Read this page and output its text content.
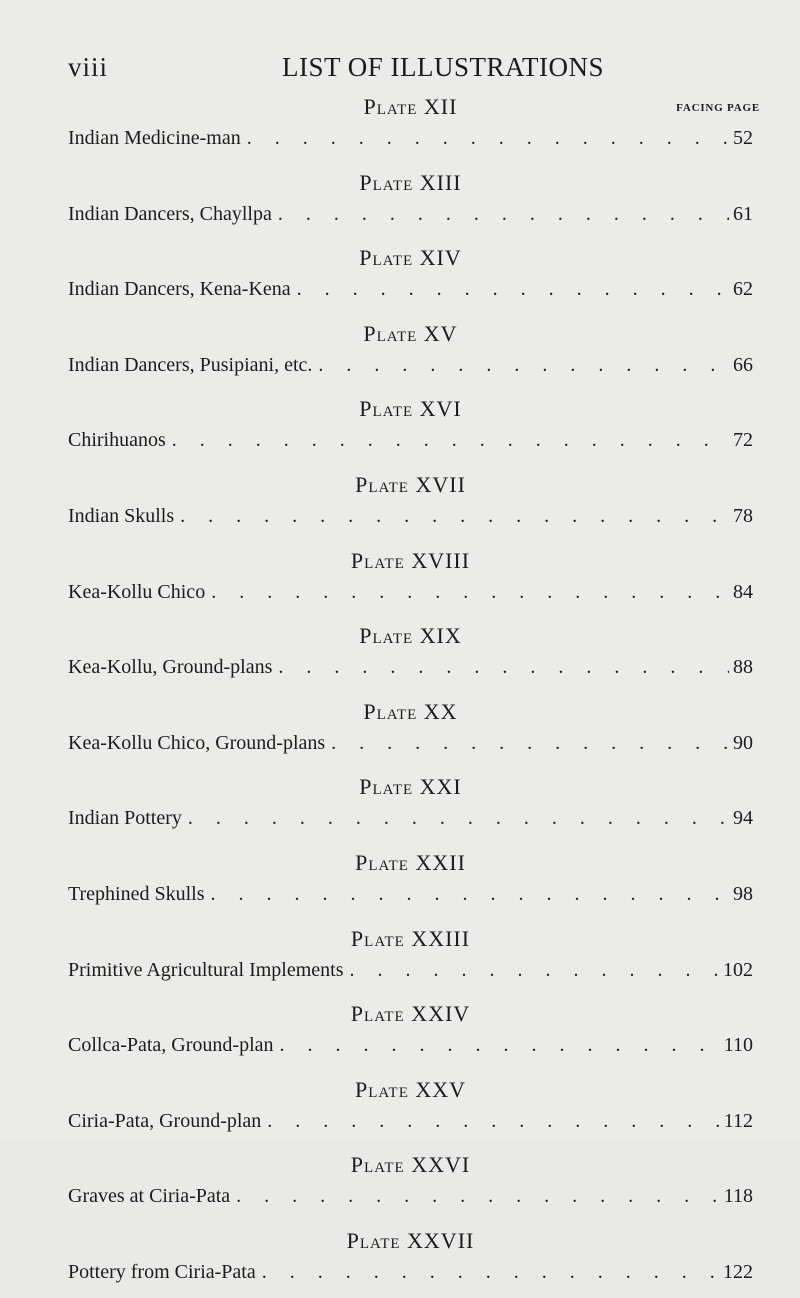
viii	LIST OF ILLUSTRATIONS
FACING PAGE
Plate XII
Indian Medicine-man . . .	52
Plate XIII
Indian Dancers, Chayllpa . . .	61
Plate XIV
Indian Dancers, Kena-Kena . . .	62
Plate XV
Indian Dancers, Pusipiani, etc. . . .	66
Plate XVI
Chirihuanos . . .	72
Plate XVII
Indian Skulls . . .	78
Plate XVIII
Kea-Kollu Chico . . .	84
Plate XIX
Kea-Kollu, Ground-plans . . .	88
Plate XX
Kea-Kollu Chico, Ground-plans . . .	90
Plate XXI
Indian Pottery . . .	94
Plate XXII
Trephined Skulls . . .	98
Plate XXIII
Primitive Agricultural Implements . . .	102
Plate XXIV
Collca-Pata, Ground-plan . . .	110
Plate XXV
Ciria-Pata, Ground-plan . . .	112
Plate XXVI
Graves at Ciria-Pata . . .	118
Plate XXVII
Pottery from Ciria-Pata . . .	122
